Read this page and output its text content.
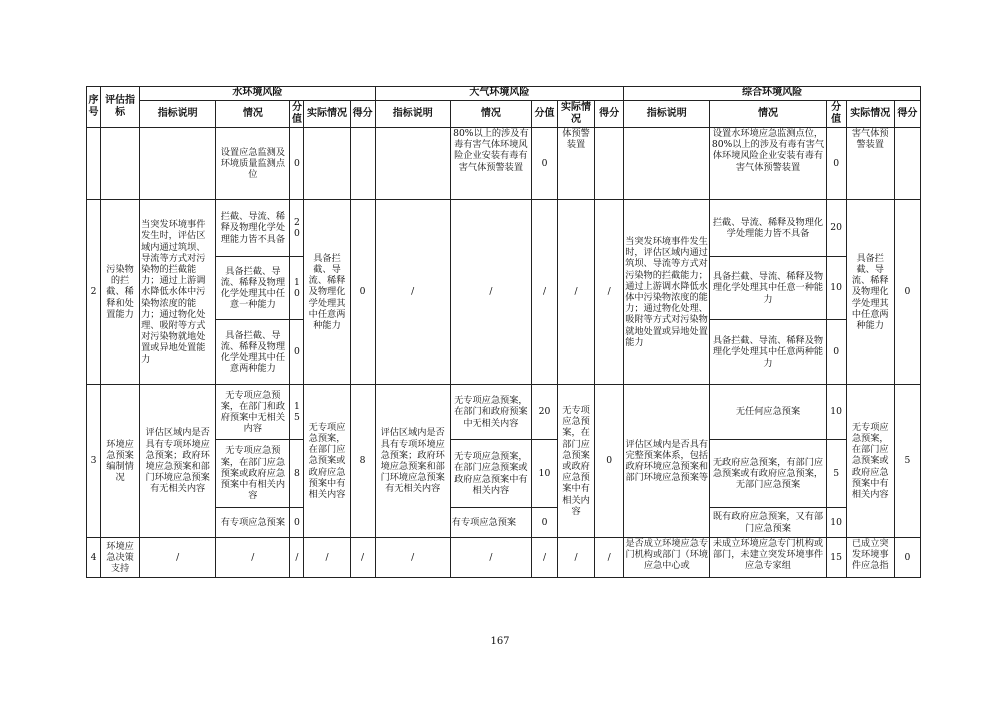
序号	评估指标	水环境风险					大气环境风险					综合环境风险				
		指标说明	情况	分值	实际情况	得分	指标说明	情况	分值	实际情况	得分	指标说明	情况	分值	实际情况	得分
			设置应急监测及环境质量监测点位	0				80%以上的涉及有毒有害气体环境风险企业安装有毒有害气体预警装置	0	体预警装置			设置水环境应急监测点位，80%以上的涉及有毒有害气体环境风险企业安装有毒有害气体预警装置	0	害气体预警装置	
2	污染物的拦截、稀释和处置能力	当突发环境事件发生时，评估区域内通过筑坝、导流等方式对污染物的拦截能力；通过上游调水降低水体中污染物浓度的能力；通过物化处理、吸附等方式对污染物就地处置或异地处置能力	拦截、导流、稀释及物理化学处理能力皆不具备	20	具备拦截、导流、稀释及物理化学处理其中任意两种能力	0	/	/	/	/	/	当突发环境事件发生时，评估区域内通过筑坝、导流等方式对污染物的拦截能力；通过上游调水降低水体中污染物浓度的能力；通过物化处理、吸附等方式对污染物就地处置或异地处置能力	拦截、导流、稀释及物理化学处理能力皆不具备	20	具备拦截、导流、稀释及物理化学处理其中任意两种能力	0
			具备拦截、导流、稀释及物理化学处理其中任意一种能力	10									具备拦截、导流、稀释及物理化学处理其中任意一种能力	10		
			具备拦截、导流、稀释及物理化学处理其中任意两种能力	0									具备拦截、导流、稀释及物理化学处理其中任意两种能力	0		
3	环境应急预案编制情况	评估区域内是否具有专项环境应急预案；政府环境应急预案和部门环境应急预案有无相关内容	无专项应急预案，在部门和政府预案中无相关内容	15	无专项应急预案，在部门应急预案或政府应急预案中有相关内容	8	评估区域内是否具有专项环境应急预案；政府环境应急预案和部门环境应急预案有无相关内容	无专项应急预案，在部门和政府预案中无相关内容	20	无专项应急预案，在部门应急预案或政府应急预案中有相关内容	0	评估区域内是否具有完整预案体系，包括政府环境应急预案和部门环境应急预案等	无任何应急预案	10	无专项应急预案，在部门应急预案或政府应急预案中有相关内容	5
			无专项应急预案，在部门应急预案或政府应急预案中有相关内容	8				无专项应急预案，在部门应急预案或政府应急预案中有相关内容	10				无政府应急预案，有部门应急预案或有政府应急预案，无部门应急预案	5		
			有专项应急预案	0				有专项应急预案	0				既有政府应急预案，又有部门应急预案	10		
4	环境应急决策支持	/	/	/	/	/	/	/	/	/	/	是否成立环境应急专门机构或部门（环境应急中心或	未成立环境应急专门机构或部门，未建立突发环境事件应急专家组	15	已成立突发环境事件应急指	0
167
